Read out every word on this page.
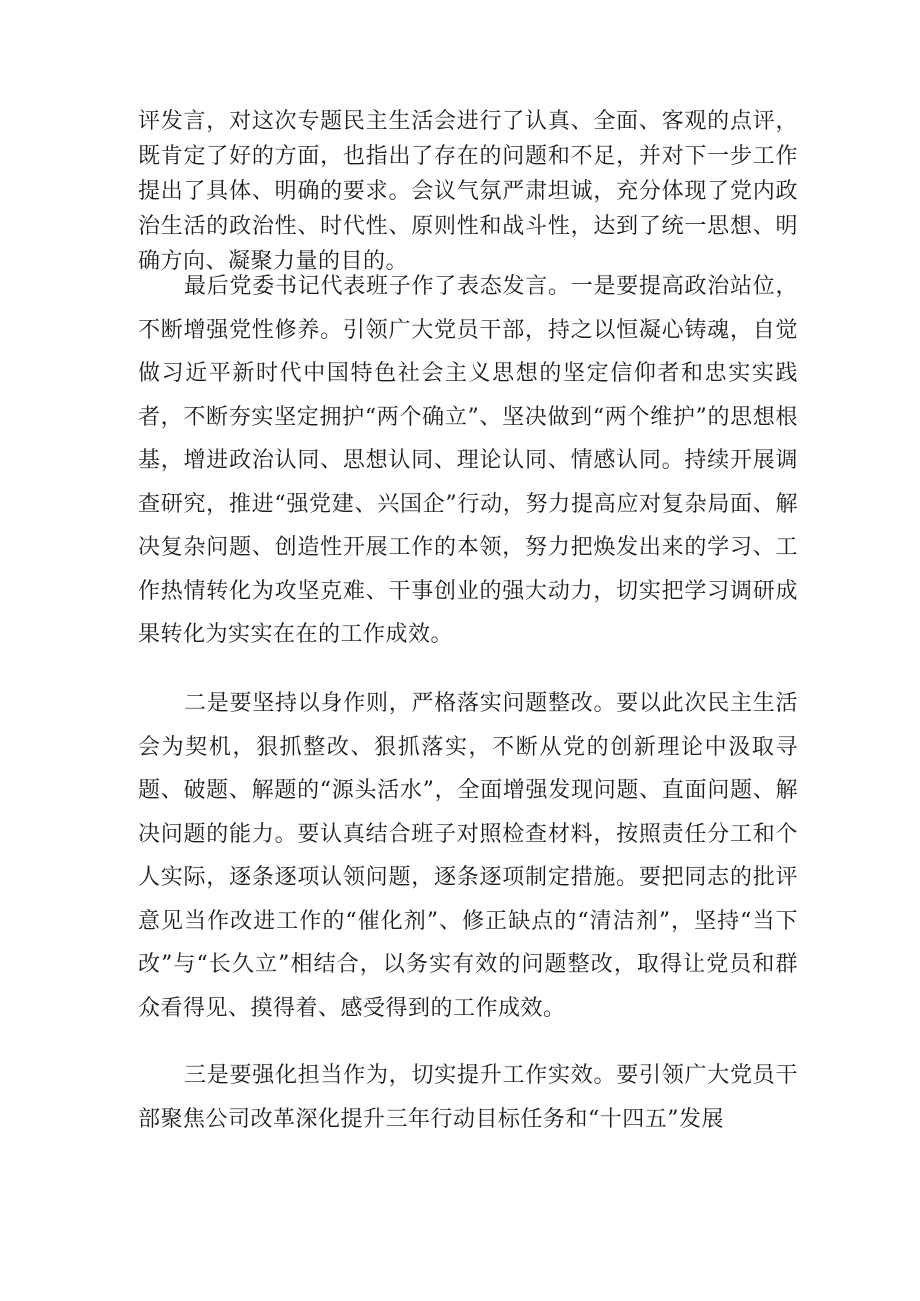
评发言，对这次专题民主生活会进行了认真、全面、客观的点评，既肯定了好的方面，也指出了存在的问题和不足，并对下一步工作提出了具体、明确的要求。会议气氛严肃坦诚，充分体现了党内政治生活的政治性、时代性、原则性和战斗性，达到了统一思想、明确方向、凝聚力量的目的。

最后党委书记代表班子作了表态发言。一是要提高政治站位，不断增强党性修养。引领广大党员干部，持之以恒凝心铸魂，自觉做习近平新时代中国特色社会主义思想的坚定信仰者和忠实实践者，不断夯实坚定拥护“两个确立”、坚决做到“两个维护”的思想根基，增进政治认同、思想认同、理论认同、情感认同。持续开展调查研究，推进“强党建、兴国企”行动，努力提高应对复杂局面、解决复杂问题、创造性开展工作的本领，努力把焕发出来的学习、工作热情转化为攻坚克难、干事创业的强大动力，切实把学习调研成果转化为实实在在的工作成效。

二是要坚持以身作则，严格落实问题整改。要以此次民主生活会为契机，狠抓整改、狠抓落实，不断从党的创新理论中汲取寻题、破题、解题的“源头活水”，全面增强发现问题、直面问题、解决问题的能力。要认真结合班子对照检查材料，按照责任分工和个人实际，逐条逐项认领问题，逐条逐项制定措施。要把同志的批评意见当作改进工作的“催化剂”、修正缺点的“清洁剂”，坚持“当下改”与“长久立”相结合，以务实有效的问题整改，取得让党员和群众看得见、摸得着、感受得到的工作成效。

三是要强化担当作为，切实提升工作实效。要引领广大党员干部聚焦公司改革深化提升三年行动目标任务和“十四五”发展
